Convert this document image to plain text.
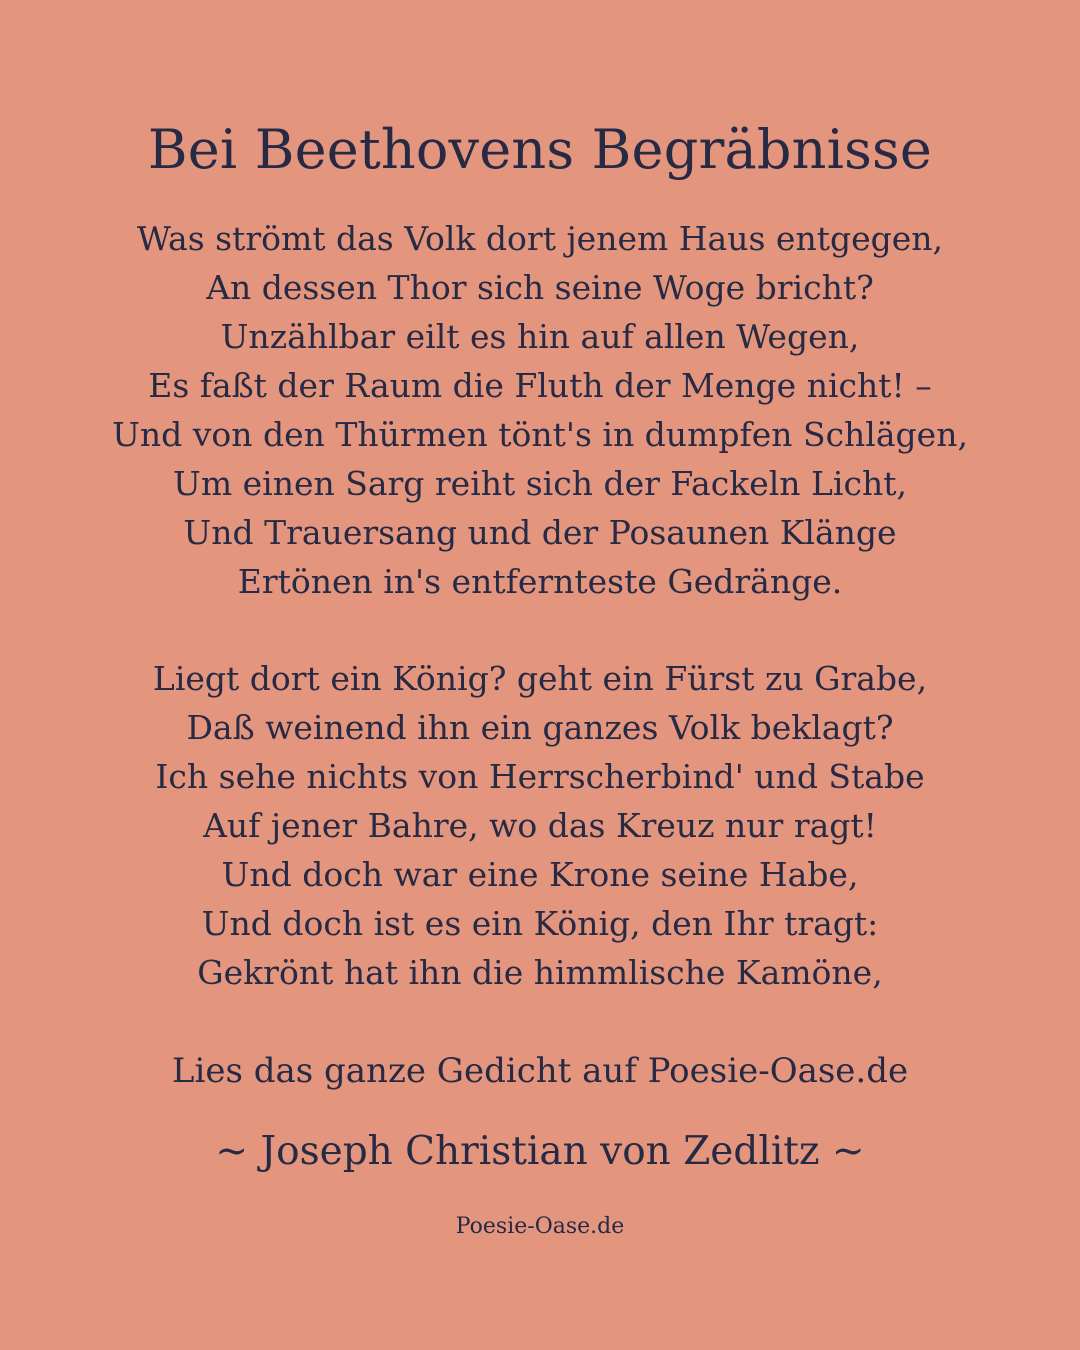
Bei Beethovens Begräbnisse
Was strömt das Volk dort jenem Haus entgegen,
An dessen Thor sich seine Woge bricht?
Unzählbar eilt es hin auf allen Wegen,
Es faßt der Raum die Fluth der Menge nicht! –
Und von den Thürmen tönt's in dumpfen Schlägen,
Um einen Sarg reiht sich der Fackeln Licht,
Und Trauersang und der Posaunen Klänge
Ertönen in's entfernteste Gedränge.
Liegt dort ein König? geht ein Fürst zu Grabe,
Daß weinend ihn ein ganzes Volk beklagt?
Ich sehe nichts von Herrscherbind' und Stabe
Auf jener Bahre, wo das Kreuz nur ragt!
Und doch war eine Krone seine Habe,
Und doch ist es ein König, den Ihr tragt:
Gekrönt hat ihn die himmlische Kamöne,
Lies das ganze Gedicht auf Poesie-Oase.de
~ Joseph Christian von Zedlitz ~
Poesie-Oase.de
